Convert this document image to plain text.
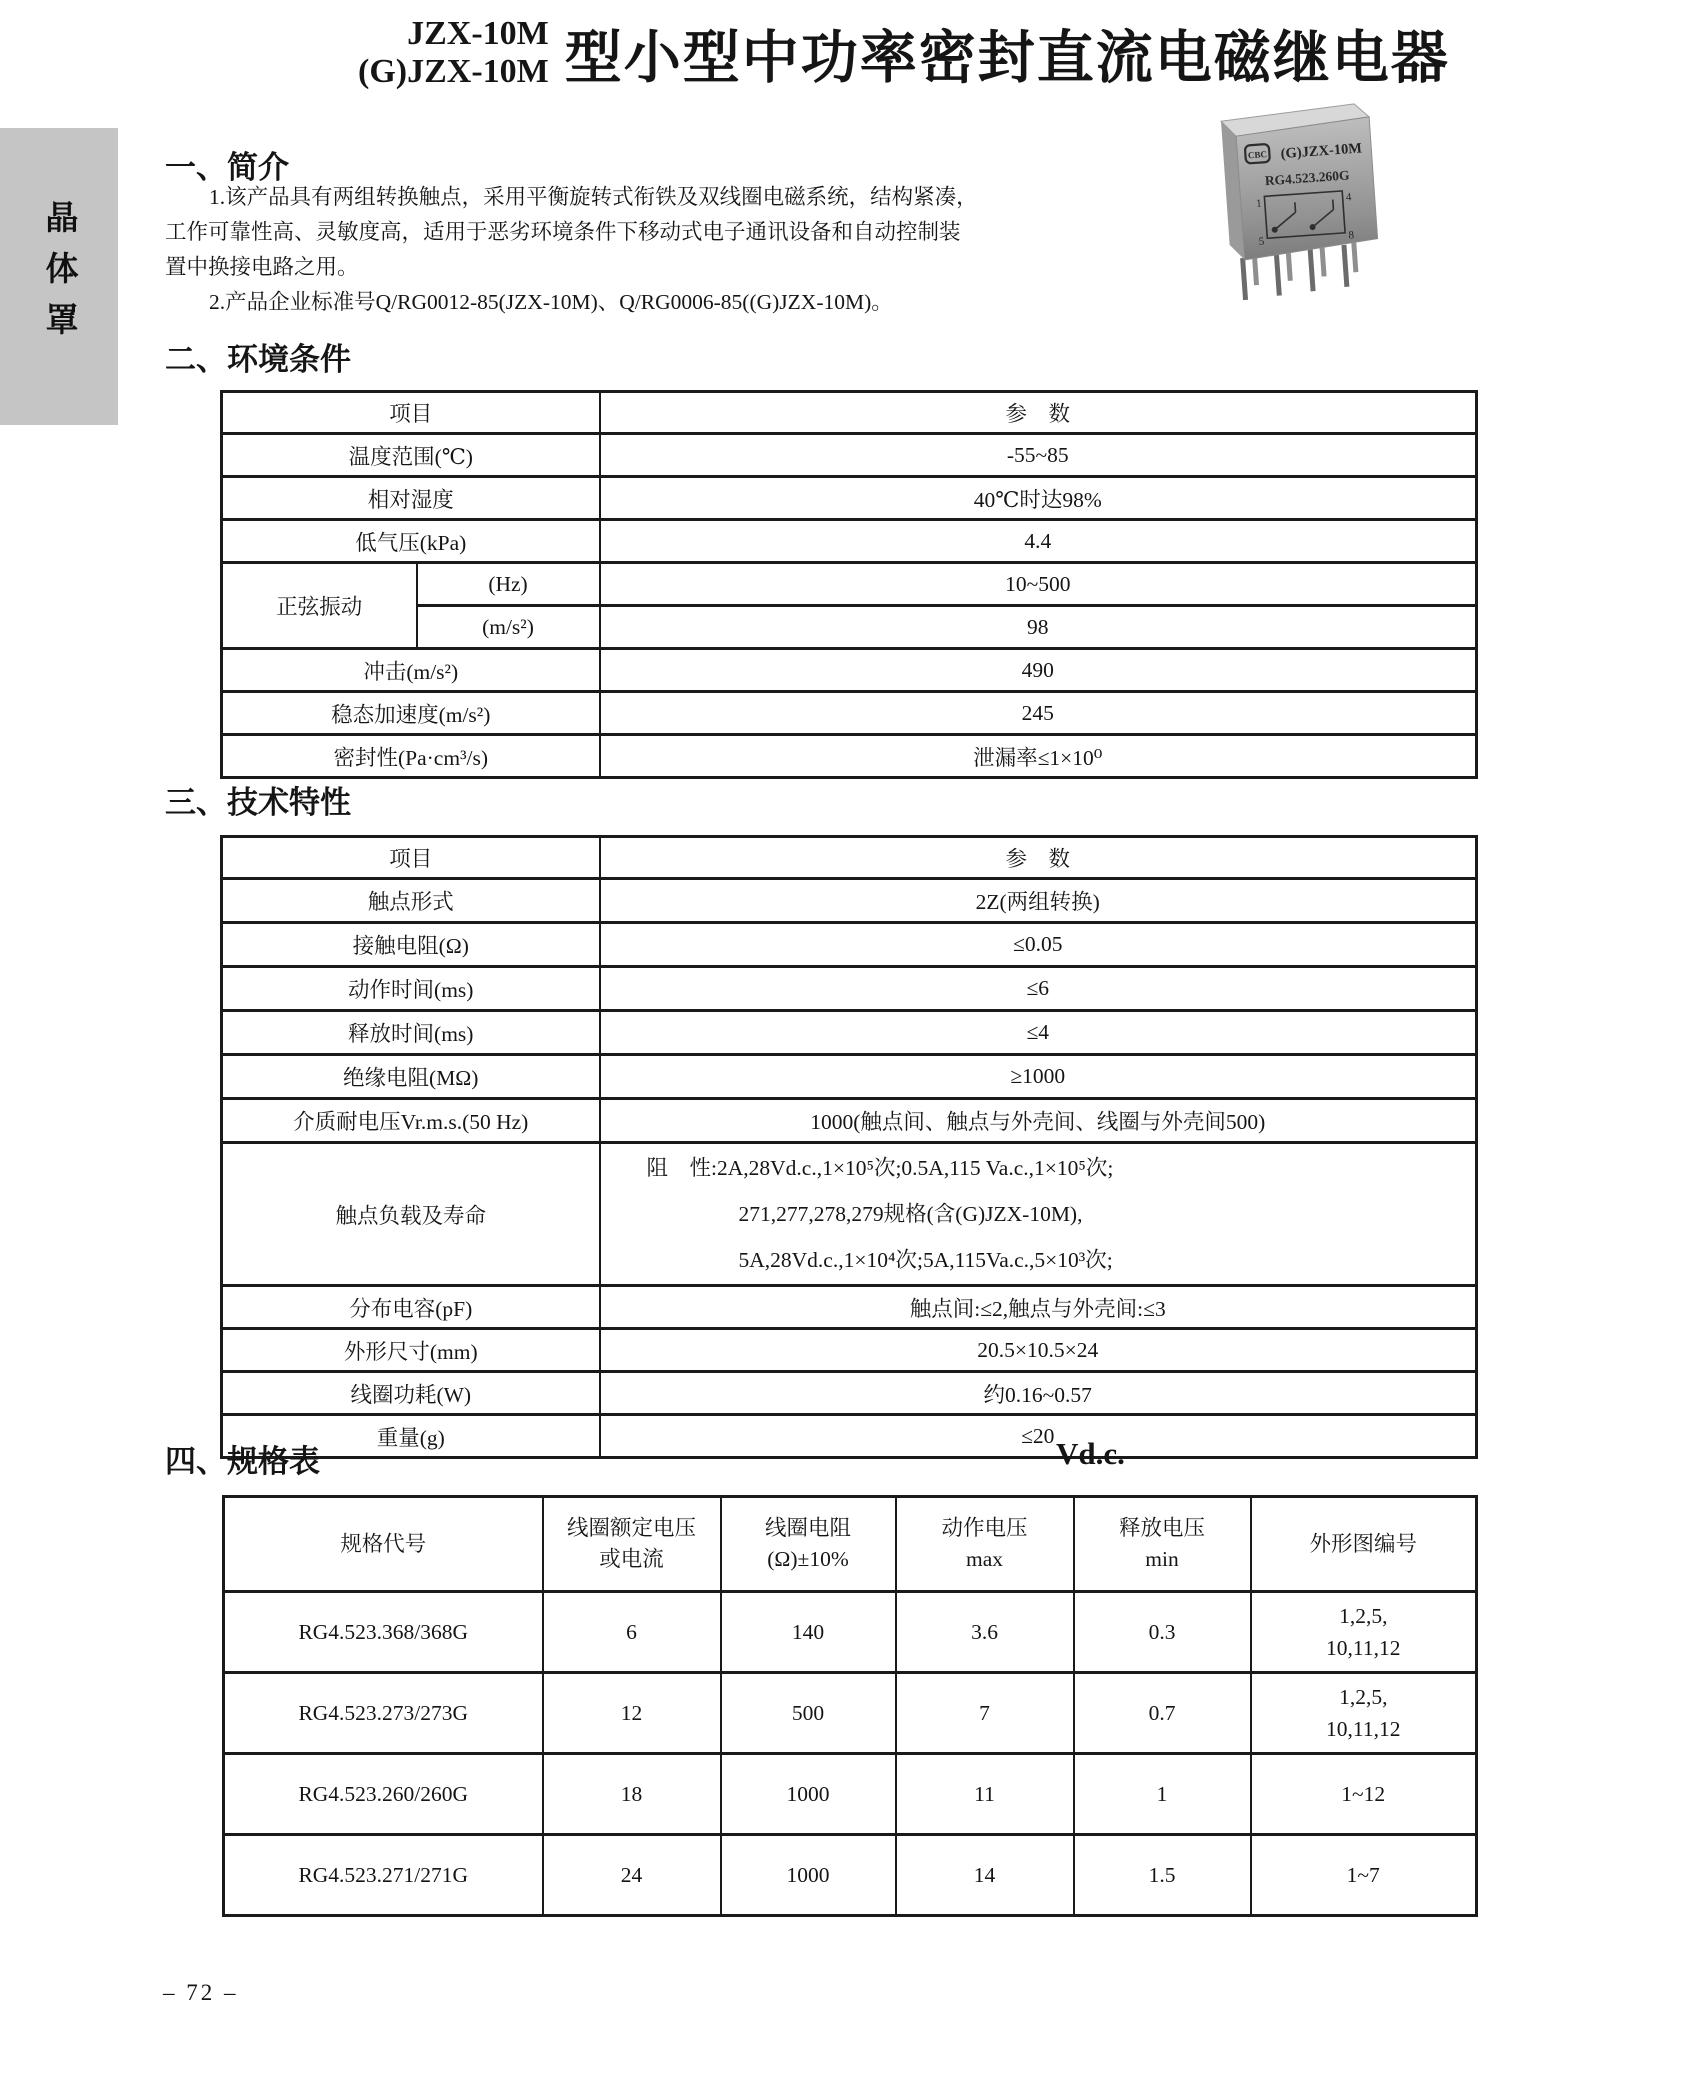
晶体罩
JZX-10M
(G)JZX-10M 型小型中功率密封直流电磁继电器
CBC (G)JZX-10M
RG4.523.260G
1
4
5
8
一、简介
1.该产品具有两组转换触点，采用平衡旋转式衔铁及双线圈电磁系统，结构紧凑，
工作可靠性高、灵敏度高，适用于恶劣环境条件下移动式电子通讯设备和自动控制装
置中换接电路之用。
2.产品企业标准号Q/RG0012-85(JZX-10M)、Q/RG0006-85((G)JZX-10M)。
二、环境条件
项目		参　数
温度范围(℃)		-55~85
相对湿度		40℃时达98%
低气压(kPa)		4.4
正弦振动	(Hz)	10~500
	(m/s²)	98
冲击(m/s²)		490
稳态加速度(m/s²)		245
密封性(Pa·cm³/s)		泄漏率≤1×10⁰
三、技术特性
项目	参　数
触点形式	2Z(两组转换)
接触电阻(Ω)	≤0.05
动作时间(ms)	≤6
释放时间(ms)	≤4
绝缘电阻(MΩ)	≥1000
介质耐电压Vr.m.s.(50 Hz)	1000(触点间、触点与外壳间、线圈与外壳间500)
触点负载及寿命	阻　性:2A,28Vd.c.,1×10⁵次;0.5A,115 Va.c.,1×10⁵次;
271,277,278,279规格(含(G)JZX-10M),
5A,28Vd.c.,1×10⁴次;5A,115Va.c.,5×10³次;

分布电容(pF)	触点间:≤2,触点与外壳间:≤3
外形尺寸(mm)	20.5×10.5×24
线圈功耗(W)	约0.16~0.57
重量(g)	≤20
四、规格表	Vd.c.
规格代号

线圈额定电压
或电流

线圈电阻
(Ω)±10%

动作电压
max

释放电压
min

外形图编号

RG4.523.368/368G	6	140	3.6	0.3	1,2,5,
10,11,12

RG4.523.273/273G	12	500	7	0.7	1,2,5,
10,11,12

RG4.523.260/260G	18	1000	11	1	1~12

RG4.523.271/271G	24	1000	14	1.5	1~7
– 72 –
